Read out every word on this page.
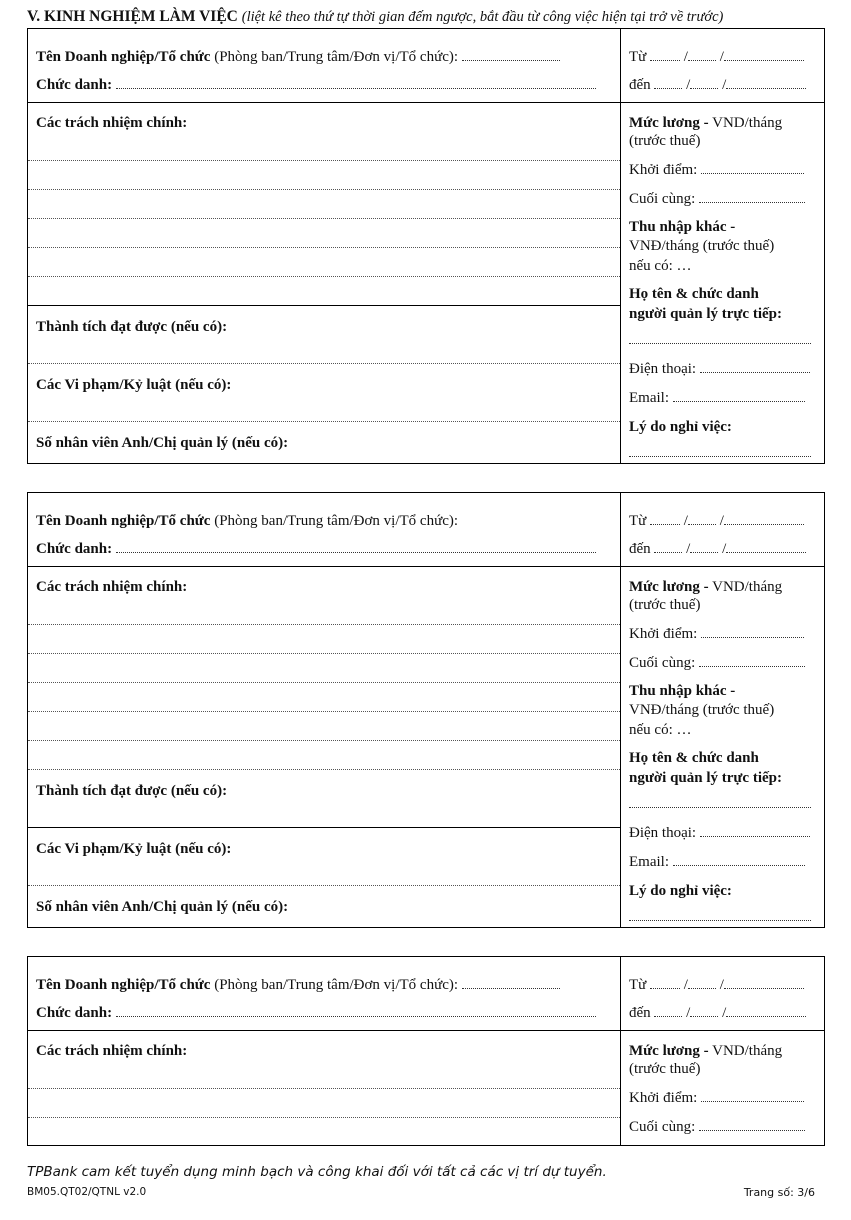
V. KINH NGHIỆM LÀM VIỆC (liệt kê theo thứ tự thời gian đếm ngược, bắt đầu từ công việc hiện tại trở về trước)
Tên Doanh nghiệp/Tổ chức (Phòng ban/Trung tâm/Đơn vị/Tổ chức):
Chức danh:
Từ	/ /
đến / /
Các trách nhiệm chính:
Thành tích đạt được (nếu có):
Các Vi phạm/Kỷ luật (nếu có):
Số nhân viên Anh/Chị quản lý (nếu có):
Mức lương - VND/tháng
(trước thuế)
Khởi điểm:
Cuối cùng:
Thu nhập khác -
VNĐ/tháng (trước thuế)
nếu có: …
Họ tên & chức danh
người quản lý trực tiếp:
Điện thoại:
Email:
Lý do nghỉ việc:
Tên Doanh nghiệp/Tổ chức (Phòng ban/Trung tâm/Đơn vị/Tổ chức):
Chức danh:
Từ	/ /
đến / /
Các trách nhiệm chính:
Thành tích đạt được (nếu có):
Các Vi phạm/Kỷ luật (nếu có):
Số nhân viên Anh/Chị quản lý (nếu có):
Mức lương - VND/tháng
(trước thuế)
Khởi điểm:
Cuối cùng:
Thu nhập khác -
VNĐ/tháng (trước thuế)
nếu có: …
Họ tên & chức danh
người quản lý trực tiếp:
Điện thoại:
Email:
Lý do nghỉ việc:
Tên Doanh nghiệp/Tổ chức (Phòng ban/Trung tâm/Đơn vị/Tổ chức):
Chức danh:
Từ	/ /
đến / /
Các trách nhiệm chính:	Mức lương - VND/tháng
(trước thuế)
Khởi điểm:
Cuối cùng:
TPBank cam kết tuyển dụng minh bạch và công khai đối với tất cả các vị trí dự tuyển.
BM05.QT02/QTNL v2.0	Trang số: 3/6
